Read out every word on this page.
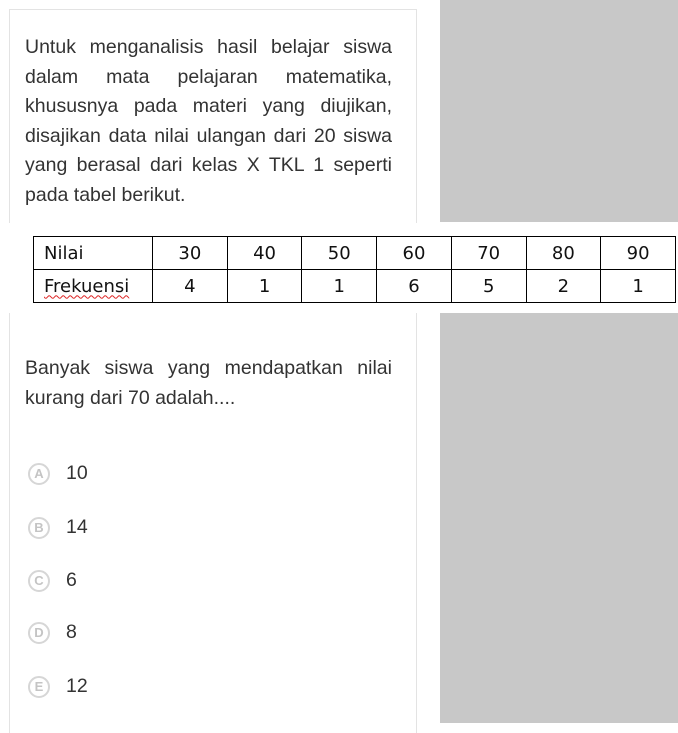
Untuk menganalisis hasil belajar siswa dalam mata pelajaran matematika, khususnya pada materi yang diujikan, disajikan data nilai ulangan dari 20 siswa yang berasal dari kelas X TKL 1 seperti pada tabel berikut.

Nilai	30	40	50	60	70	80	90
Frekuensi	4	1	1	6	5	2	1

Banyak siswa yang mendapatkan nilai kurang dari 70 adalah....

A	10
B	14
C	6
D	8
E	12
